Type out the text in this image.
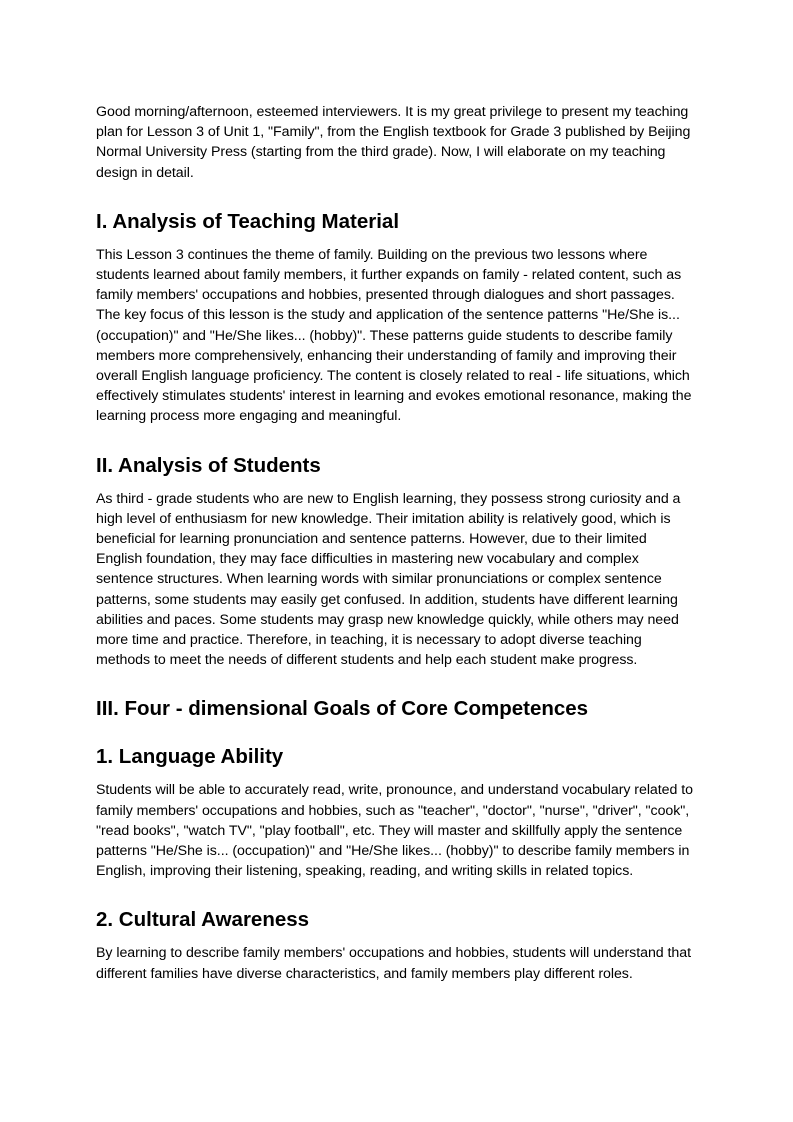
Good morning/afternoon, esteemed interviewers. It is my great privilege to present my teaching plan for Lesson 3 of Unit 1, "Family", from the English textbook for Grade 3 published by Beijing Normal University Press (starting from the third grade). Now, I will elaborate on my teaching design in detail.

I. Analysis of Teaching Material

This Lesson 3 continues the theme of family. Building on the previous two lessons where students learned about family members, it further expands on family - related content, such as family members' occupations and hobbies, presented through dialogues and short passages. The key focus of this lesson is the study and application of the sentence patterns "He/She is... (occupation)" and "He/She likes... (hobby)". These patterns guide students to describe family members more comprehensively, enhancing their understanding of family and improving their overall English language proficiency. The content is closely related to real - life situations, which effectively stimulates students' interest in learning and evokes emotional resonance, making the learning process more engaging and meaningful.

II. Analysis of Students

As third - grade students who are new to English learning, they possess strong curiosity and a high level of enthusiasm for new knowledge. Their imitation ability is relatively good, which is beneficial for learning pronunciation and sentence patterns. However, due to their limited English foundation, they may face difficulties in mastering new vocabulary and complex sentence structures. When learning words with similar pronunciations or complex sentence patterns, some students may easily get confused. In addition, students have different learning abilities and paces. Some students may grasp new knowledge quickly, while others may need more time and practice. Therefore, in teaching, it is necessary to adopt diverse teaching methods to meet the needs of different students and help each student make progress.

III. Four - dimensional Goals of Core Competences
1. Language Ability

Students will be able to accurately read, write, pronounce, and understand vocabulary related to family members' occupations and hobbies, such as "teacher", "doctor", "nurse", "driver", "cook", "read books", "watch TV", "play football", etc. They will master and skillfully apply the sentence patterns "He/She is... (occupation)" and "He/She likes... (hobby)" to describe family members in English, improving their listening, speaking, reading, and writing skills in related topics.

2. Cultural Awareness

By learning to describe family members' occupations and hobbies, students will understand that different families have diverse characteristics, and family members play different roles.
